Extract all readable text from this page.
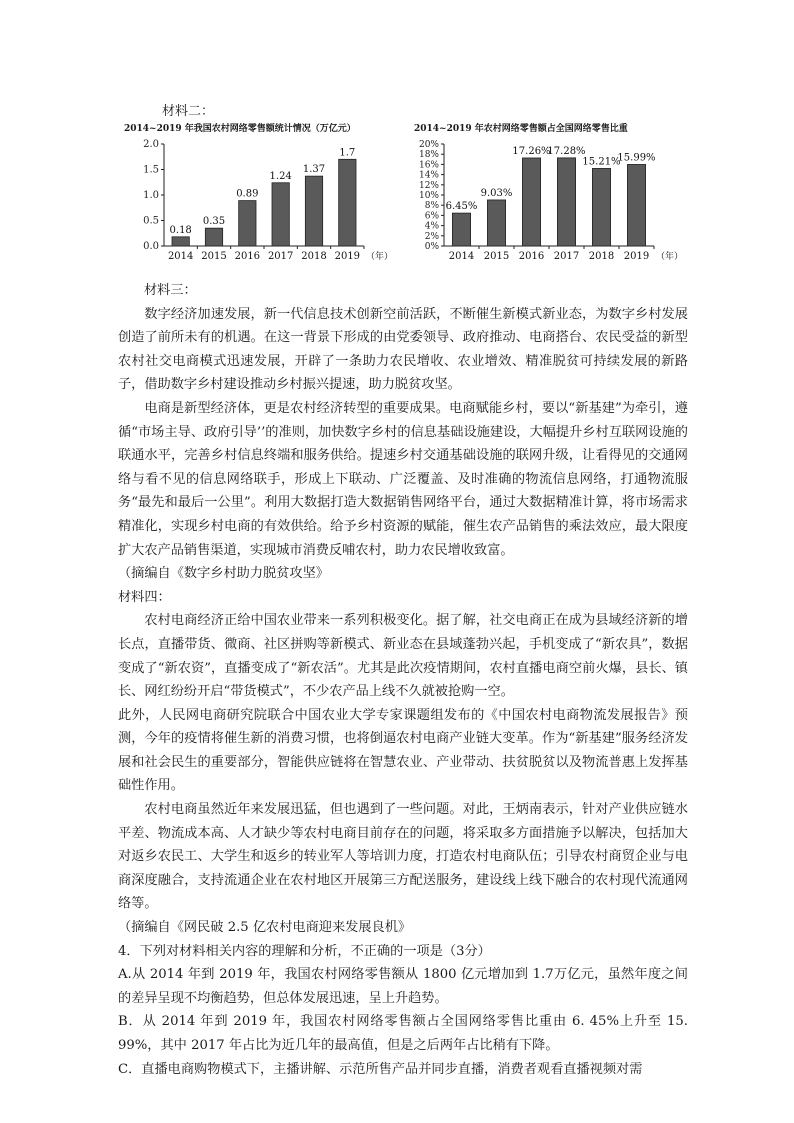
材料二：
2014~2019 年我国农村网络零售额统计情况（万亿元）
0.0
0.5
1.0
1.5
2.0
0.18
2014
0.35
2015
0.89
2016
1.24
2017
1.37
2018
1.7
2019 （年）
2014~2019 年农村网络零售额占全国网络零售比重
0%
2%
4%
6%
8%
10%
12%
14%
16%
18%
20%
6.45%
2014
9.03%
2015
17.26%
2016
17.28%
2017
15.21%
2018
15.99%
2019 （年）

材料三：

数字经济加速发展，新一代信息技术创新空前活跃，不断催生新模式新业态，为数字乡村发展创造了前所未有的机遇。在这一背景下形成的由党委领导、政府推动、电商搭台、农民受益的新型农村社交电商模式迅速发展，开辟了一条助力农民增收、农业增效、精准脱贫可持续发展的新路子，借助数字乡村建设推动乡村振兴提速，助力脱贫攻坚。

电商是新型经济体，更是农村经济转型的重要成果。电商赋能乡村，要以“新基建”为牵引，遵循“市场主导、政府引导’’的准则，加快数字乡村的信息基础设施建设，大幅提升乡村互联网设施的联通水平，完善乡村信息终端和服务供给。提速乡村交通基础设施的联网升级，让看得见的交通网络与看不见的信息网络联手，形成上下联动、广泛覆盖、及时准确的物流信息网络，打通物流服务“最先和最后一公里”。利用大数据打造大数据销售网络平台，通过大数据精准计算，将市场需求精准化，实现乡村电商的有效供给。给予乡村资源的赋能，催生农产品销售的乘法效应，最大限度扩大农产品销售渠道，实现城市消费反哺农村，助力农民增收致富。

（摘编自《数字乡村助力脱贫攻坚》

材料四：

农村电商经济正给中国农业带来一系列积极变化。据了解，社交电商正在成为县域经济新的增长点，直播带货、微商、社区拼购等新模式、新业态在县域蓬勃兴起，手机变成了“新农具”，数据变成了“新农资”，直播变成了“新农活”。尤其是此次疫情期间，农村直播电商空前火爆，县长、镇长、网红纷纷开启“带货模式”，不少农产品上线不久就被抢购一空。

此外，人民网电商研究院联合中国农业大学专家课题组发布的《中国农村电商物流发展报告》预测，今年的疫情将催生新的消费习惯，也将倒逼农村电商产业链大变革。作为“新基建”服务经济发展和社会民生的重要部分，智能供应链将在智慧农业、产业带动、扶贫脱贫以及物流普惠上发挥基础性作用。

农村电商虽然近年来发展迅猛，但也遇到了一些问题。对此，王炳南表示，针对产业供应链水平差、物流成本高、人才缺少等农村电商目前存在的问题，将采取多方面措施予以解决，包括加大对返乡农民工、大学生和返乡的转业军人等培训力度，打造农村电商队伍；引导农村商贸企业与电商深度融合，支持流通企业在农村地区开展第三方配送服务，建设线上线下融合的农村现代流通网络等。

（摘编自《网民破 2.5 亿农村电商迎来发展良机》

4．下列对材料相关内容的理解和分析，不正确的一项是（3分）

A.从 2014 年到 2019 年，我国农村网络零售额从 1800 亿元增加到 1.7万亿元，虽然年度之间的差异呈现不均衡趋势，但总体发展迅速，呈上升趋势。

B．从 2014 年到 2019 年，我国农村网络零售额占全国网络零售比重由 6. 45%上升至 15. 99%，其中 2017 年占比为近几年的最高值，但是之后两年占比稍有下降。

C．直播电商购物模式下，主播讲解、示范所售产品并同步直播，消费者观看直播视频对需
